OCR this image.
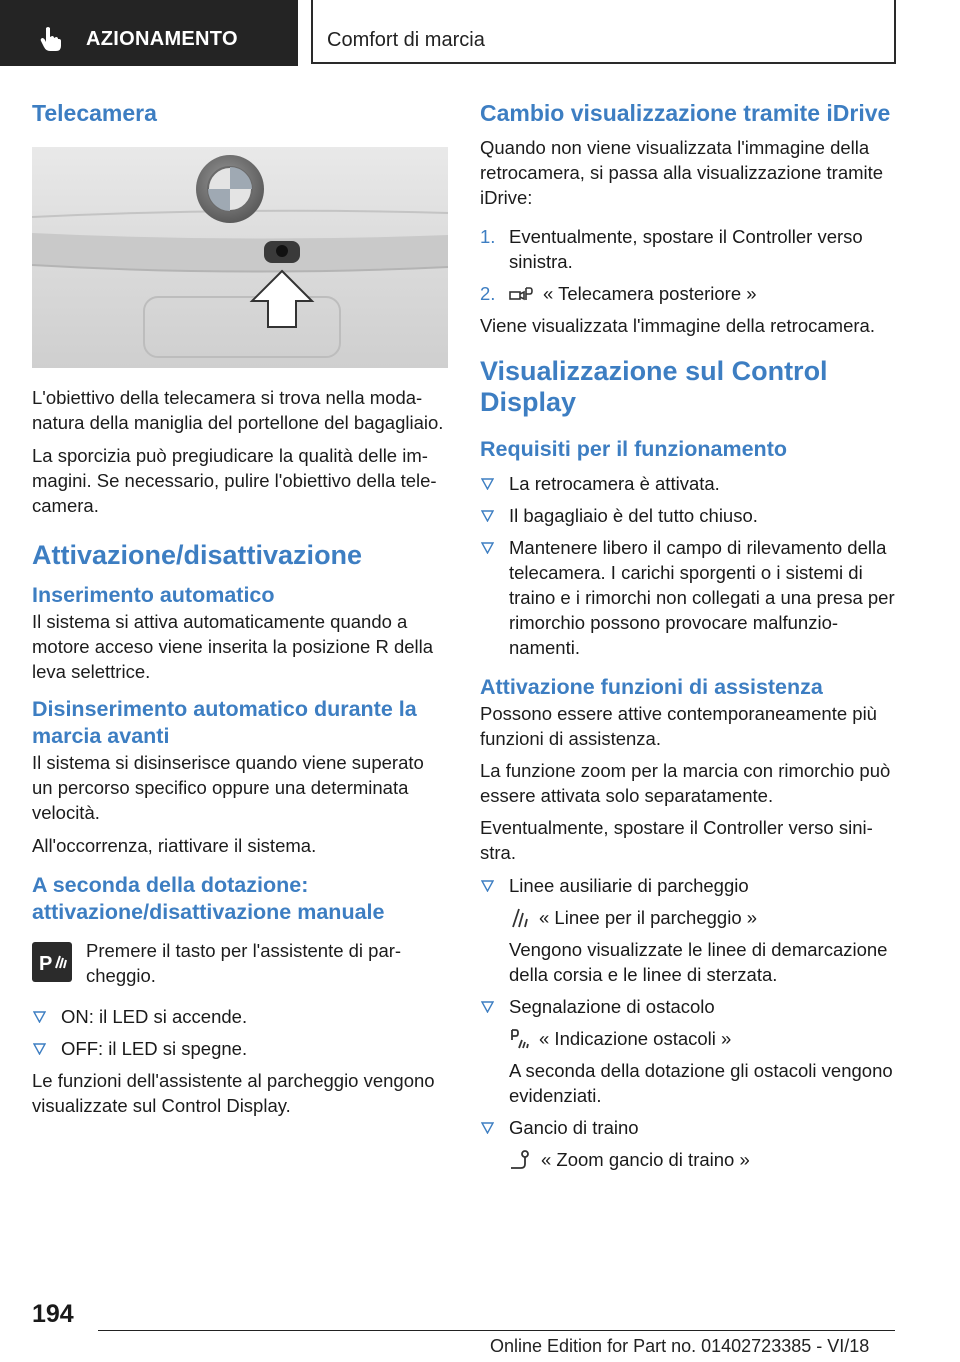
AZIONAMENTO	Comfort di marcia
Telecamera

L'obiettivo della telecamera si trova nella modanatura della maniglia del portellone del bagagliaio.

La sporcizia può pregiudicare la qualità delle immagini. Se necessario, pulire l'obiettivo della telecamera.

Attivazione/disattivazione
Inserimento automatico

Il sistema si attiva automaticamente quando a motore acceso viene inserita la posizione R della leva selettrice.

Disinserimento automatico durante la marcia avanti

Il sistema si disinserisce quando viene superato un percorso specifico oppure una determinata velocità.

All'occorrenza, riattivare il sistema.

A seconda della dotazione: attivazione/disattivazione manuale
P

Premere il tasto per l'assistente di parcheggio.

ON: il LED si accende.
OFF: il LED si spegne.

Le funzioni dell'assistente al parcheggio vengono visualizzate sul Control Display.

Cambio visualizzazione tramite iDrive

Quando non viene visualizzata l'immagine della retrocamera, si passa alla visualizzazione tramite iDrive:

1. Eventualmente, spostare il Controller verso sinistra.
2.	« Telecamera posteriore »

Viene visualizzata l'immagine della retrocamera.

Visualizzazione sul Control Display
Requisiti per il funzionamento
La retrocamera è attivata.
Il bagagliaio è del tutto chiuso.
Mantenere libero il campo di rilevamento della telecamera. I carichi sporgenti o i sistemi di traino e i rimorchi non collegati a una presa per rimorchio possono provocare malfunzionamenti.
Attivazione funzioni di assistenza

Possono essere attive contemporaneamente più funzioni di assistenza.

La funzione zoom per la marcia con rimorchio può essere attivata solo separatamente.

Eventualmente, spostare il Controller verso sinistra.

Linee ausiliarie di parcheggio
« Linee per il parcheggio »
Vengono visualizzate le linee di demarcazione della corsia e le linee di sterzata.
Segnalazione di ostacolo
« Indicazione ostacoli »
A seconda della dotazione gli ostacoli vengono evidenziati.
Gancio di traino
« Zoom gancio di traino »
194
Online Edition for Part no. 01402723385 - VI/18
